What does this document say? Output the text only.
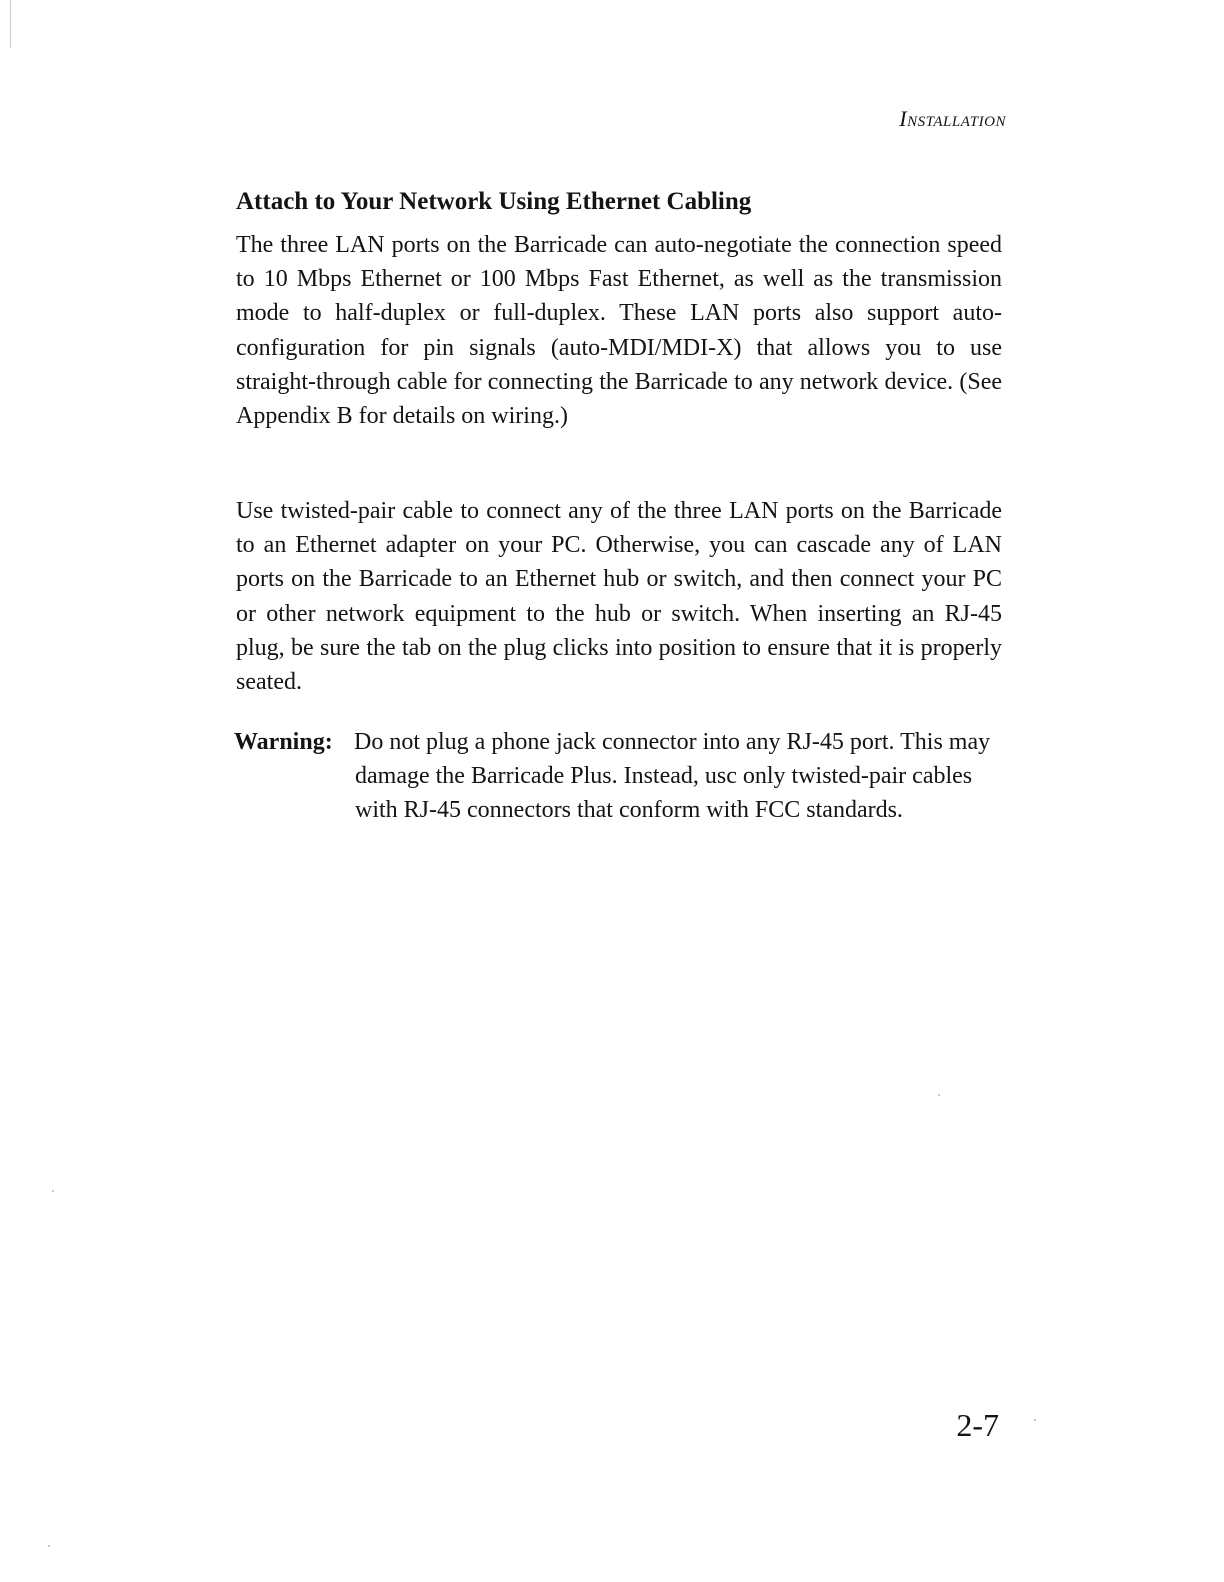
Installation
Attach to Your Network Using Ethernet Cabling

The three LAN ports on the Barricade can auto-negotiate the connection speed to 10 Mbps Ethernet or 100 Mbps Fast Ethernet, as well as the transmission mode to half-duplex or full-duplex. These LAN ports also support auto-configuration for pin signals (auto-MDI/MDI-X) that allows you to use straight-through cable for connecting the Barricade to any network device. (See Appendix B for details on wiring.)

Use twisted-pair cable to connect any of the three LAN ports on the Barricade to an Ethernet adapter on your PC. Otherwise, you can cascade any of LAN ports on the Barricade to an Ethernet hub or switch, and then connect your PC or other network equipment to the hub or switch. When inserting an RJ-45 plug, be sure the tab on the plug clicks into position to ensure that it is properly seated.

Warning: Do not plug a phone jack connector into any RJ-45 port. This may damage the Barricade Plus. Instead, usc only twisted-pair cables with RJ-45 connectors that conform with FCC standards.
2-7
